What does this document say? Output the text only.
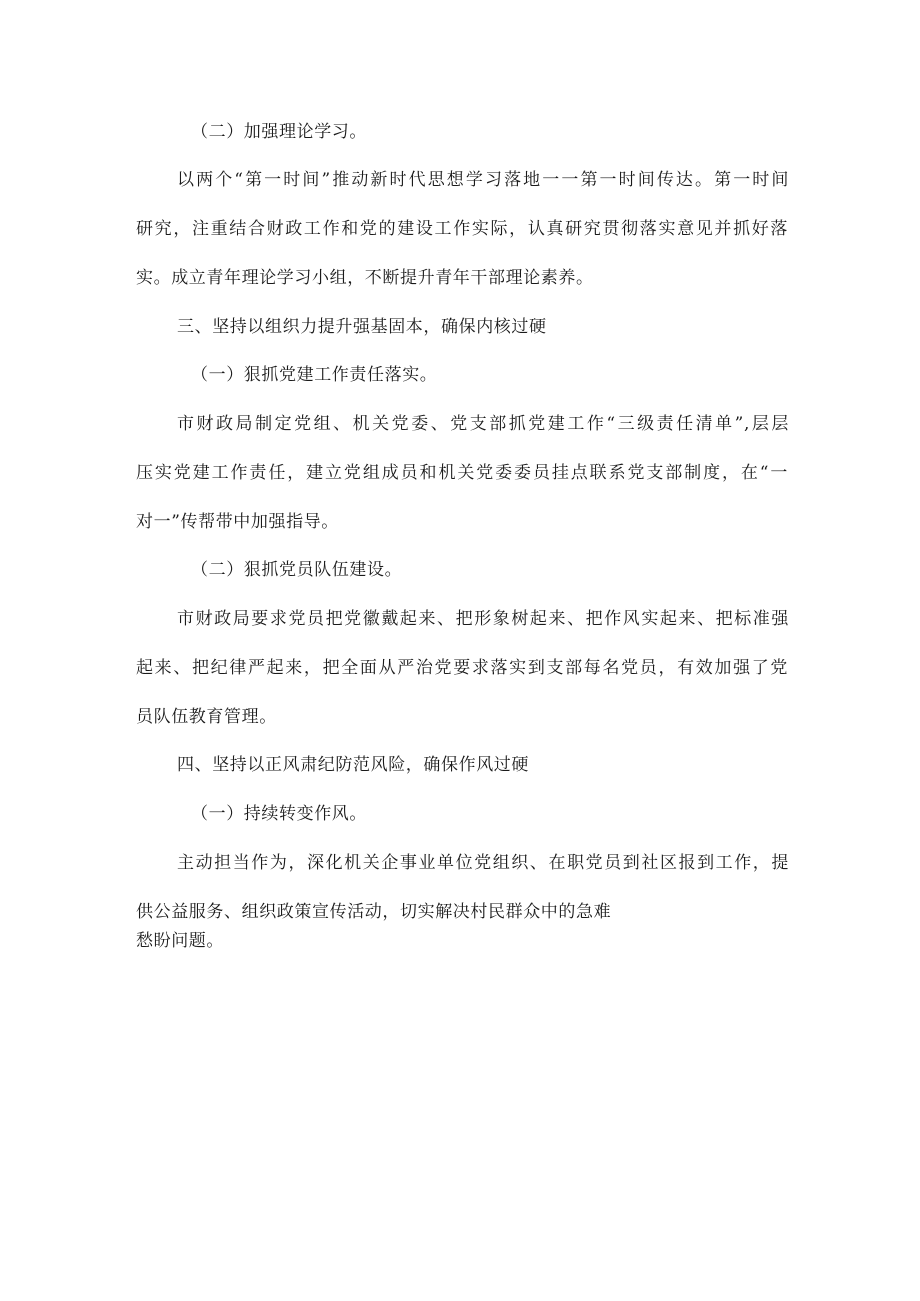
（二）加强理论学习。
以两个“第一时间”推动新时代思想学习落地一一第一时间传达。第一时间
研究，注重结合财政工作和党的建设工作实际，认真研究贯彻落实意见并抓好落
实。成立青年理论学习小组，不断提升青年干部理论素养。
三、坚持以组织力提升强基固本，确保内核过硬
（一）狠抓党建工作责任落实。
市财政局制定党组、机关党委、党支部抓党建工作“三级责任清单”,层层
压实党建工作责任，建立党组成员和机关党委委员挂点联系党支部制度，在“一
对一”传帮带中加强指导。
（二）狠抓党员队伍建设。
市财政局要求党员把党徽戴起来、把形象树起来、把作风实起来、把标准强
起来、把纪律严起来，把全面从严治党要求落实到支部每名党员，有效加强了党
员队伍教育管理。
四、坚持以正风肃纪防范风险，确保作风过硬
（一）持续转变作风。
主动担当作为，深化机关企事业单位党组织、在职党员到社区报到工作，提
供公益服务、组织政策宣传活动，切实解决村民群众中的急难
愁盼问题。
